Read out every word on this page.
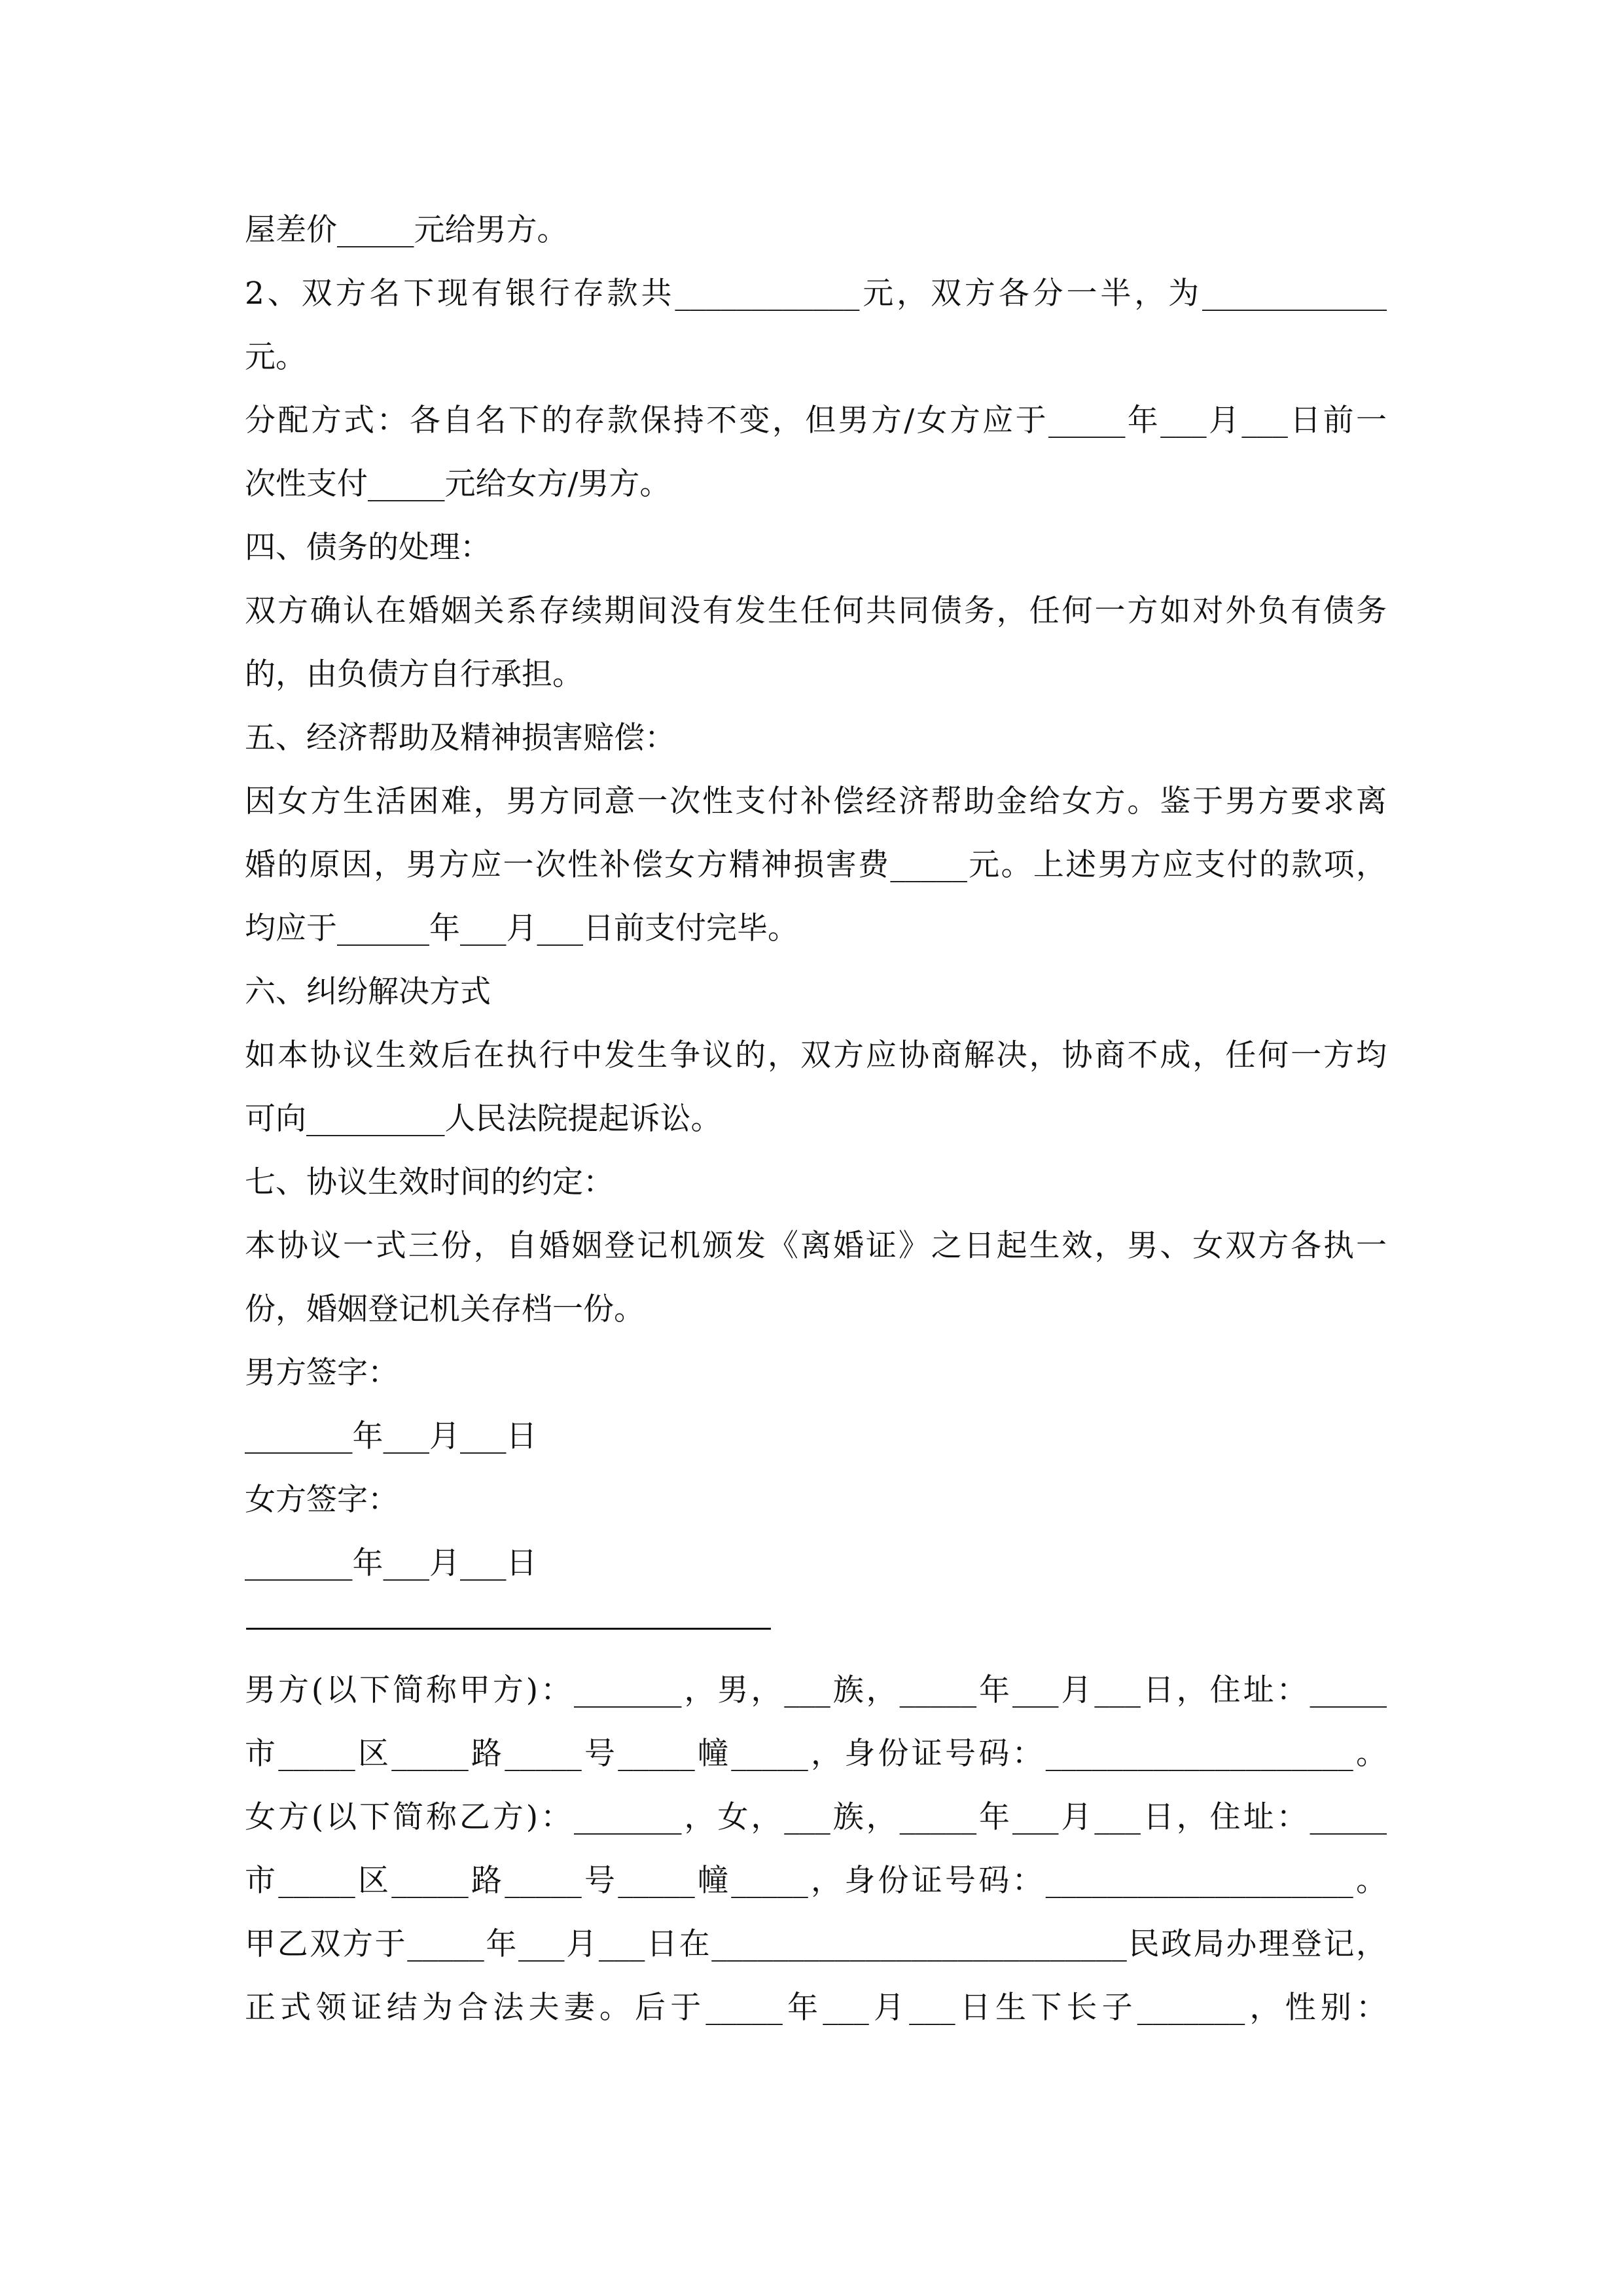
屋差价_____元给男方。
2、双方名下现有银行存款共____________元，双方各分一半，为____________
元。
分配方式：各自名下的存款保持不变，但男方/女方应于_____年___月___日前一
次性支付_____元给女方/男方。
四、债务的处理：
双方确认在婚姻关系存续期间没有发生任何共同债务，任何一方如对外负有债务
的，由负债方自行承担。
五、经济帮助及精神损害赔偿：
因女方生活困难，男方同意一次性支付补偿经济帮助金给女方。鉴于男方要求离
婚的原因，男方应一次性补偿女方精神损害费_____元。上述男方应支付的款项，
均应于______年___月___日前支付完毕。
六、纠纷解决方式
如本协议生效后在执行中发生争议的，双方应协商解决，协商不成，任何一方均
可向_________人民法院提起诉讼。
七、协议生效时间的约定：
本协议一式三份，自婚姻登记机颁发《离婚证》之日起生效，男、女双方各执一
份，婚姻登记机关存档一份。
男方签字：
_______年___月___日
女方签字：
_______年___月___日
————————————————————————
男方(以下简称甲方)：_______，男，___族，_____年___月___日，住址：_____
市_____区_____路_____号_____幢_____，身份证号码：____________________。
女方(以下简称乙方)：_______，女，___族，_____年___月___日，住址：_____
市_____区_____路_____号_____幢_____，身份证号码：____________________。
甲乙双方于_____年___月___日在___________________________民政局办理登记，
正式领证结为合法夫妻。后于_____年___月___日生下长子_______，性别：
